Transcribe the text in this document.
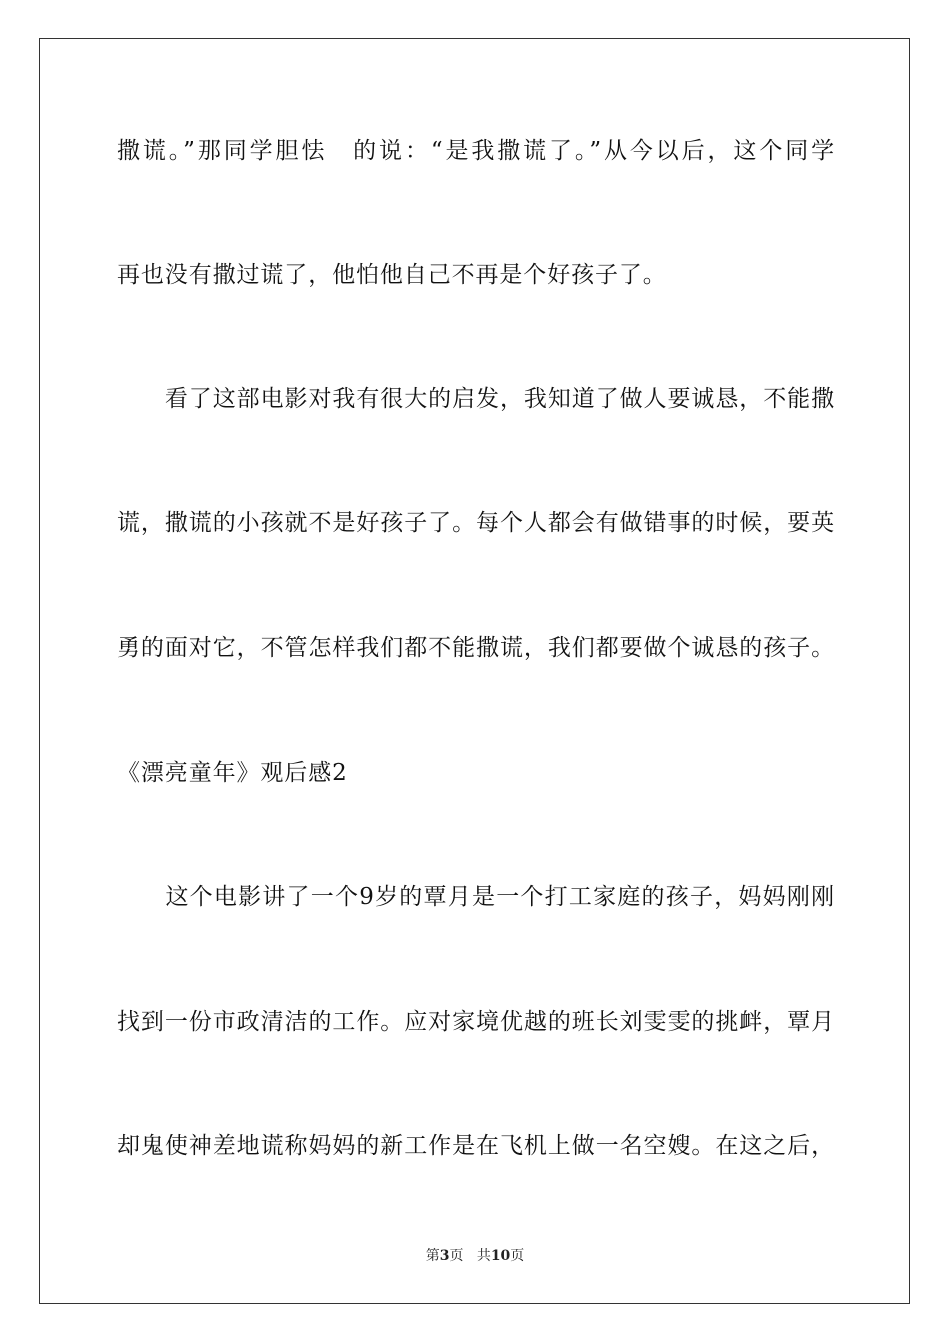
撒谎。”那同学胆怯　的说：“是我撒谎了。”从今以后，这个同学
再也没有撒过谎了，他怕他自己不再是个好孩子了。
　　看了这部电影对我有很大的启发，我知道了做人要诚恳，不能撒
谎，撒谎的小孩就不是好孩子了。每个人都会有做错事的时候，要英
勇的面对它，不管怎样我们都不能撒谎，我们都要做个诚恳的孩子。
《漂亮童年》观后感2
　　这个电影讲了一个9岁的覃月是一个打工家庭的孩子，妈妈刚刚
找到一份市政清洁的工作。应对家境优越的班长刘雯雯的挑衅，覃月
却鬼使神差地谎称妈妈的新工作是在飞机上做一名空嫂。在这之后，
第3页 共10页
